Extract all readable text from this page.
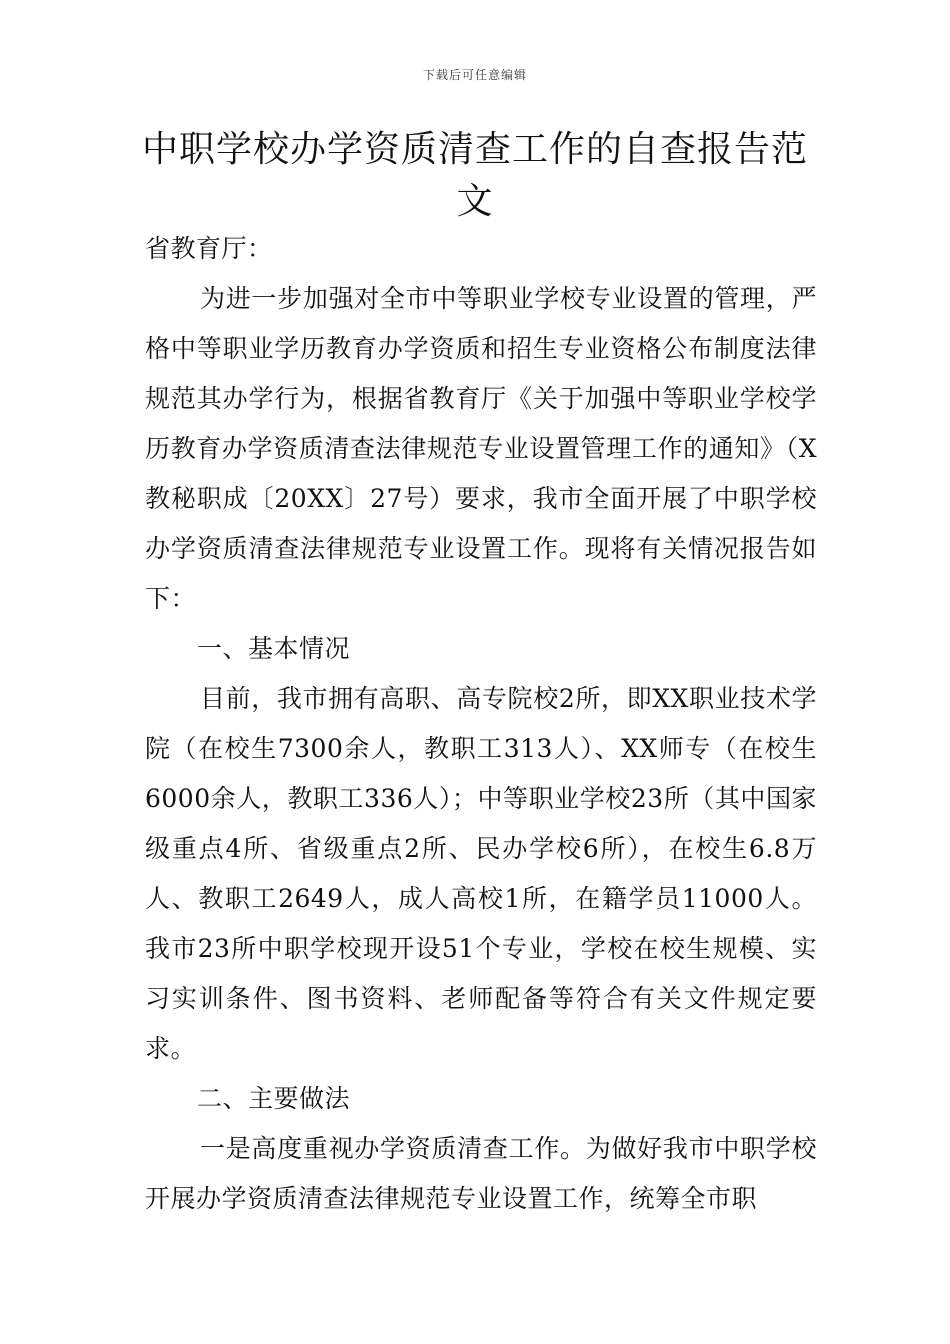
下载后可任意编辑
中职学校办学资质清查工作的自查报告范文

省教育厅：

为进一步加强对全市中等职业学校专业设置的管理，严格中等职业学历教育办学资质和招生专业资格公布制度法律规范其办学行为，根据省教育厅《关于加强中等职业学校学历教育办学资质清查法律规范专业设置管理工作的通知》（X教秘职成〔20XX〕27号）要求，我市全面开展了中职学校办学资质清查法律规范专业设置工作。现将有关情况报告如下：

一、基本情况

目前，我市拥有高职、高专院校2所，即XX职业技术学院（在校生7300余人，教职工313人）、XX师专（在校生6000余人，教职工336人）；中等职业学校23所（其中国家级重点4所、省级重点2所、民办学校6所），在校生6.8万人、教职工2649人，成人高校1所，在籍学员11000人。我市23所中职学校现开设51个专业，学校在校生规模、实习实训条件、图书资料、老师配备等符合有关文件规定要求。

二、主要做法

一是高度重视办学资质清查工作。为做好我市中职学校开展办学资质清查法律规范专业设置工作，统筹全市职
